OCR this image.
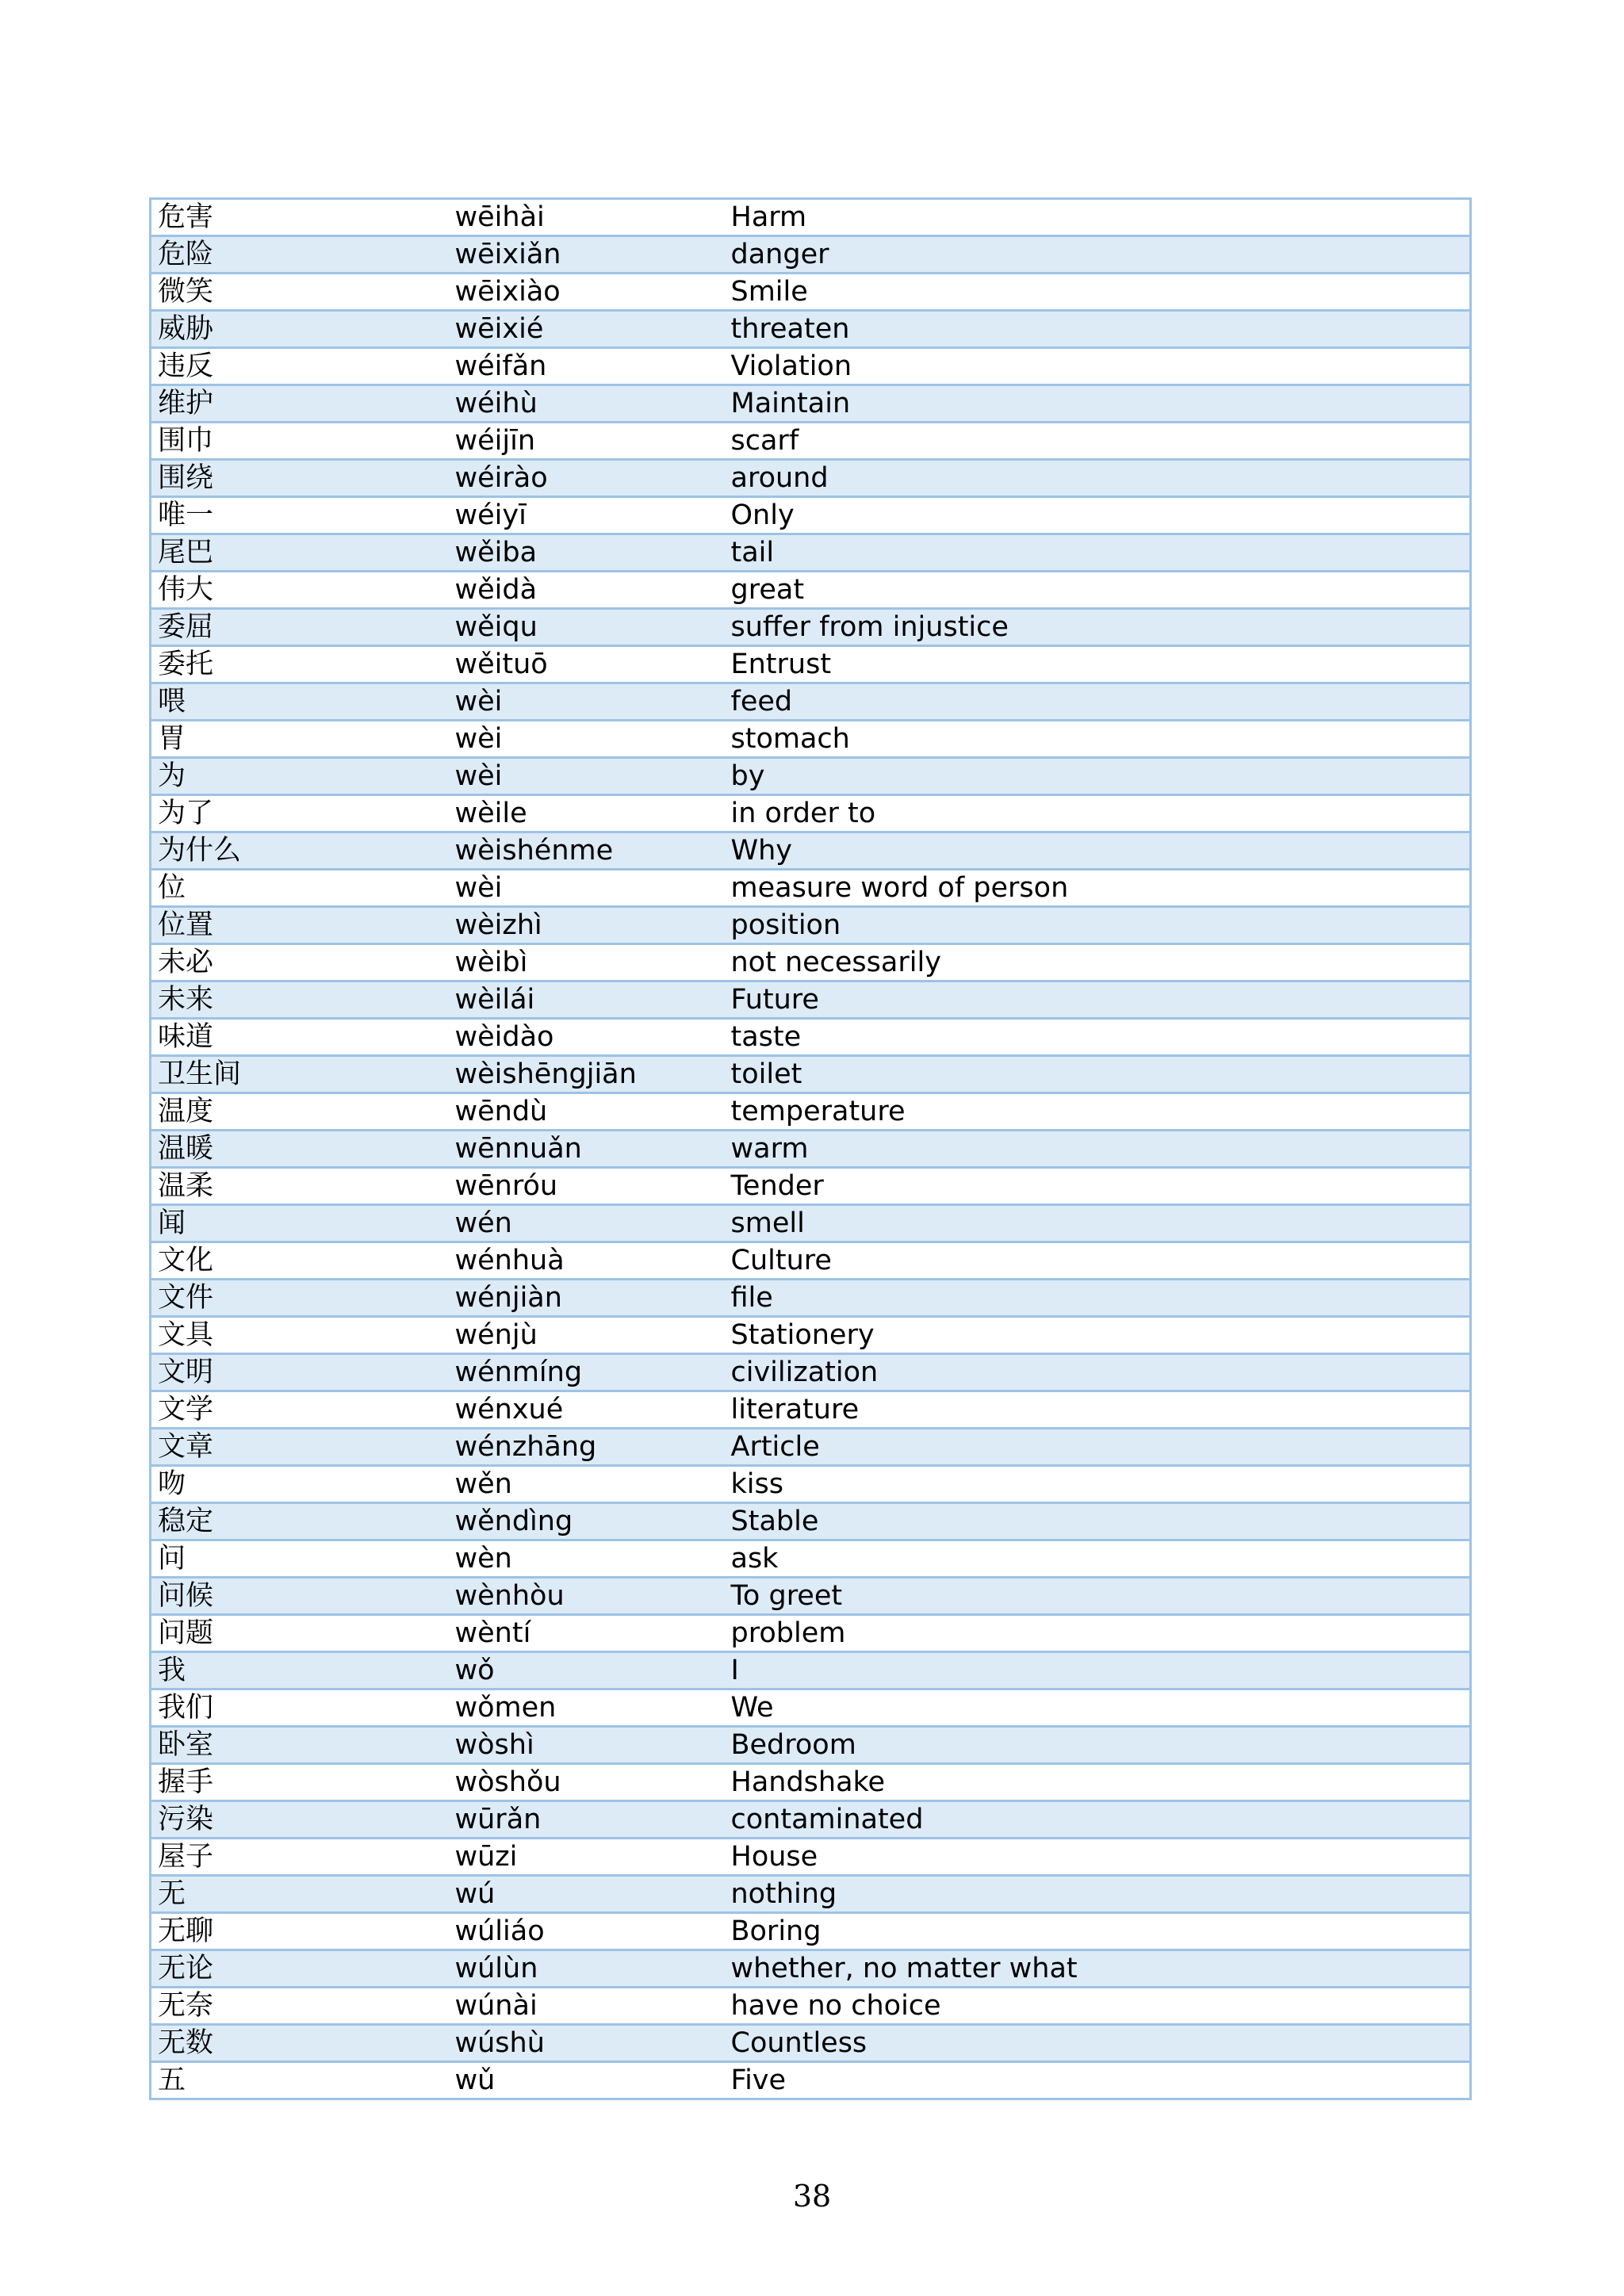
危害	wēihài	Harm
危险	wēixiǎn	danger
微笑	wēixiào	Smile
威胁	wēixié	threaten
违反	wéifǎn	Violation
维护	wéihù	Maintain
围巾	wéijīn	scarf
围绕	wéirào	around
唯一	wéiyī	Only
尾巴	wěiba	tail
伟大	wěidà	great
委屈	wěiqu	suffer from injustice
委托	wěituō	Entrust
喂	wèi	feed
胃	wèi	stomach
为	wèi	by
为了	wèile	in order to
为什么	wèishénme	Why
位	wèi	measure word of person
位置	wèizhì	position
未必	wèibì	not necessarily
未来	wèilái	Future
味道	wèidào	taste
卫生间	wèishēngjiān	toilet
温度	wēndù	temperature
温暖	wēnnuǎn	warm
温柔	wēnróu	Tender
闻	wén	smell
文化	wénhuà	Culture
文件	wénjiàn	file
文具	wénjù	Stationery
文明	wénmíng	civilization
文学	wénxué	literature
文章	wénzhāng	Article
吻	wěn	kiss
稳定	wěndìng	Stable
问	wèn	ask
问候	wènhòu	To greet
问题	wèntí	problem
我	wǒ	I
我们	wǒmen	We
卧室	wòshì	Bedroom
握手	wòshǒu	Handshake
污染	wūrǎn	contaminated
屋子	wūzi	House
无	wú	nothing
无聊	wúliáo	Boring
无论	wúlùn	whether, no matter what
无奈	wúnài	have no choice
无数	wúshù	Countless
五	wǔ	Five
38
